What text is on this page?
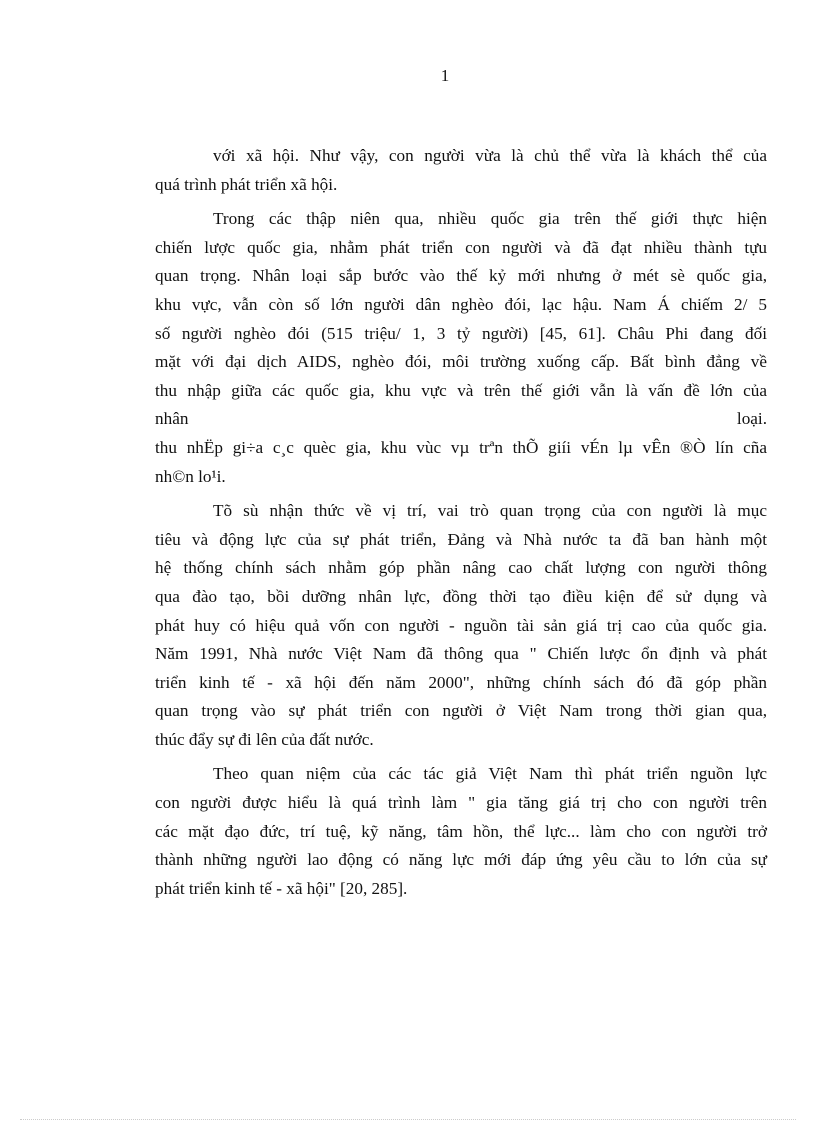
1

với xã hội. Như vậy, con người vừa là chủ thể vừa là khách thể của
quá trình phát triển xã hội.

Trong các thập niên qua, nhiều quốc gia trên thế giới thực hiện
chiến lược quốc gia, nhằm phát triển con người và đã đạt nhiều thành tựu
quan trọng. Nhân loại sắp bước vào thế kỷ mới nhưng ở mét sè quốc gia,
khu vực, vẫn còn số lớn người dân nghèo đói, lạc hậu. Nam Á chiếm 2/ 5
số người nghèo đói (515 triệu/ 1, 3 tỷ người) [45, 61]. Châu Phi đang đối
mặt với đại dịch AIDS, nghèo đói, môi trường xuống cấp. Bất bình đẳng về
thu nhập giữa các quốc gia, khu vực và trên thế giới vẫn là vấn đề lớn của
nhân	loại.
thu nhËp gi÷a c¸c quèc gia, khu vùc vµ trªn thÕ giíi vÉn lµ vÊn ®Ò lín cña
nh©n lo¹i.

Tõ sù nhận thức về vị trí, vai trò quan trọng của con người là mục
tiêu và động lực của sự phát triển, Đảng và Nhà nước ta đã ban hành một
hệ thống chính sách nhằm góp phần nâng cao chất lượng con người thông
qua đào tạo, bồi dưỡng nhân lực, đồng thời tạo điều kiện để sử dụng và
phát huy có hiệu quả vốn con người - nguồn tài sản giá trị cao của quốc gia.
Năm 1991, Nhà nước Việt Nam đã thông qua " Chiến lược ổn định và phát
triển kinh tế - xã hội đến năm 2000", những chính sách đó đã góp phần
quan trọng vào sự phát triển con người ở Việt Nam trong thời gian qua,
thúc đẩy sự đi lên của đất nước.

Theo quan niệm của các tác giả Việt Nam thì phát triển nguồn lực
con người được hiểu là quá trình làm " gia tăng giá trị cho con người trên
các mặt đạo đức, trí tuệ, kỹ năng, tâm hồn, thể lực... làm cho con người trở
thành những người lao động có năng lực mới đáp ứng yêu cầu to lớn của sự
phát triển kinh tế - xã hội" [20, 285].
